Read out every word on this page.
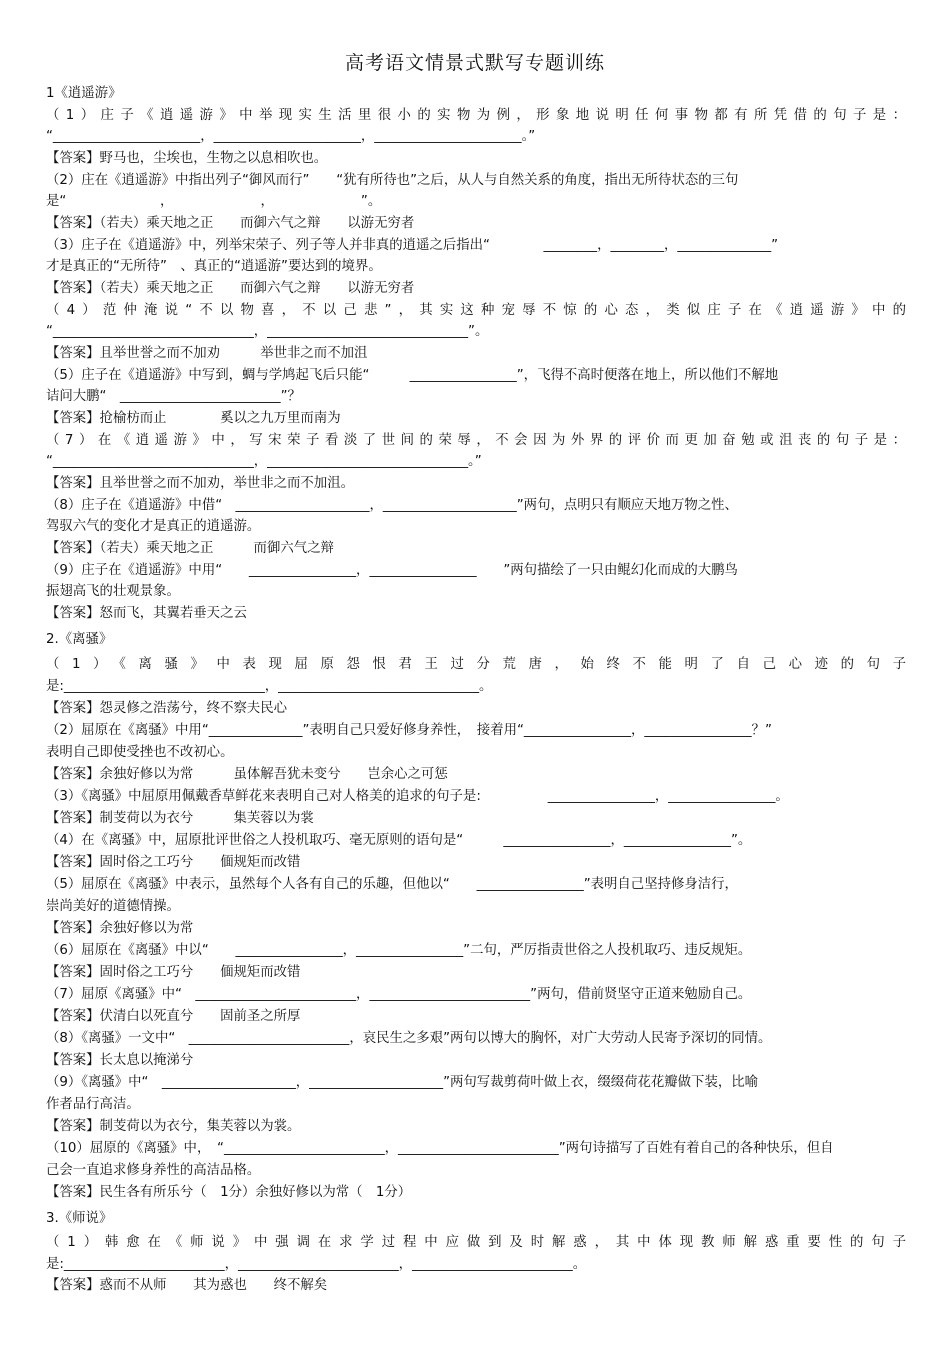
高考语文情景式默写专题训练
1《逍遥游》
（1）庄子《逍遥游》中举现实生活里很小的实物为例，形象地说明任何事物都有所凭借的句子是：
“______________________，______________________，______________________。”
【答案】野马也，尘埃也，生物之以息相吹也。
（2）庄在《逍遥游》中指出列子“御风而行”　　“犹有所待也”之后，从人与自然关系的角度，指出无所待状态的三句
是“　　　　　　　，　　　　　　　，　　　　　　　”。
【答案】（若夫）乘天地之正　　而御六气之辩　　以游无穷者
（3）庄子在《逍遥游》中，列举宋荣子、列子等人并非真的逍遥之后指出“　　　　________，________，______________”
才是真正的“无所待”　、真正的“逍遥游”要达到的境界。
【答案】（若夫）乘天地之正　　而御六气之辩　　以游无穷者
（4）范仲淹说“不以物喜，不以己悲”，其实这种宠辱不惊的心态，类似庄子在《逍遥游》中的
“______________________________，______________________________”。
【答案】且举世誉之而不加劝　　　举世非之而不加沮
（5）庄子在《逍遥游》中写到，蜩与学鸠起飞后只能“　　　________________”，飞得不高时便落在地上，所以他们不解地
诘问大鹏“　________________________”？
【答案】抢榆枋而止　　　　奚以之九万里而南为
（7）在《逍遥游》中，写宋荣子看淡了世间的荣辱，不会因为外界的评价而更加奋勉或沮丧的句子是：
“______________________________，______________________________。”
【答案】且举世誉之而不加劝，举世非之而不加沮。
（8）庄子在《逍遥游》中借“　____________________，____________________”两句，点明只有顺应天地万物之性、
驾驭六气的变化才是真正的逍遥游。
【答案】（若夫）乘天地之正　　　而御六气之辩
（9）庄子在《逍遥游》中用“　　________________，________________　　”两句描绘了一只由鲲幻化而成的大鹏鸟
振翅高飞的壮观景象。
【答案】怒而飞，其翼若垂天之云
2.《离骚》
（1）《离骚》中表现屈原怨恨君王过分荒唐，始终不能明了自己心迹的句子
是:______________________________，______________________________。
【答案】怨灵修之浩荡兮，终不察夫民心
（2）屈原在《离骚》中用“______________”表明自己只爱好修身养性，　接着用“________________，________________？”
表明自己即使受挫也不改初心。
【答案】余独好修以为常　　　虽体解吾犹未变兮　　岂余心之可惩
（3）《离骚》中屈原用佩戴香草鲜花来表明自己对人格美的追求的句子是:　　　　　________________，________________。
【答案】制芰荷以为衣兮　　　集芙蓉以为裳
（4）在《离骚》中，屈原批评世俗之人投机取巧、毫无原则的语句是“　　　________________，________________”。
【答案】固时俗之工巧兮　　偭规矩而改错
（5）屈原在《离骚》中表示，虽然每个人各有自己的乐趣，但他以“　　________________”表明自己坚持修身洁行，
崇尚美好的道德情操。
【答案】余独好修以为常
（6）屈原在《离骚》中以“　　________________，________________”二句，严厉指责世俗之人投机取巧、违反规矩。
【答案】固时俗之工巧兮　　偭规矩而改错
（7）屈原《离骚》中“　________________________，________________________”两句，借前贤坚守正道来勉励自己。
【答案】伏清白以死直兮　　固前圣之所厚
（8）《离骚》一文中“　________________________，哀民生之多艰”两句以博大的胸怀，对广大劳动人民寄予深切的同情。
【答案】长太息以掩涕兮
（9）《离骚》中“　____________________，____________________”两句写裁剪荷叶做上衣，缀缀荷花花瓣做下装，比喻
作者品行高洁。
【答案】制芰荷以为衣兮，集芙蓉以为裳。
（10）屈原的《离骚》中，　“________________________，________________________”两句诗描写了百姓有着自己的各种快乐，但自
己会一直追求修身养性的高洁品格。
【答案】民生各有所乐兮（　1分）余独好修以为常（　1分）
3.《师说》
（1）韩愈在《师说》中强调在求学过程中应做到及时解惑，其中体现教师解惑重要性的句子
是:________________________，________________________，________________________。
【答案】惑而不从师　　其为惑也　　终不解矣
